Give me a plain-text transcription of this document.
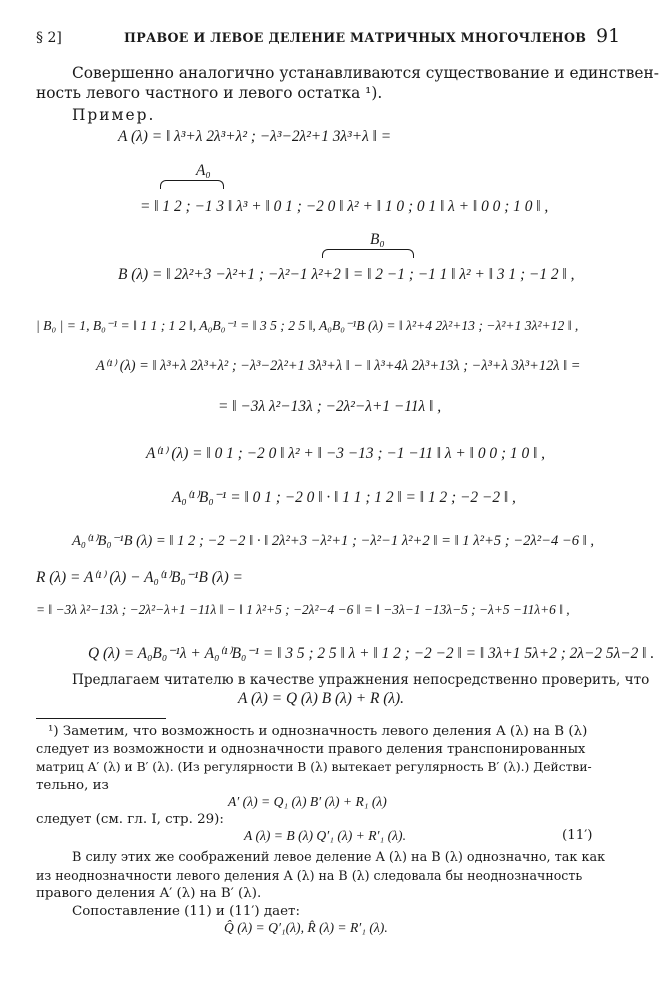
§ 2]	ПРАВОЕ И ЛЕВОЕ ДЕЛЕНИЕ МАТРИЧНЫХ МНОГОЧЛЕНОВ 91
Совершенно аналогично устанавливаются существование и единствен-
ность левого частного и левого остатка ¹).
Пример.
A (λ) = ‖ λ³+λ 2λ³+λ² ; −λ³−2λ²+1 3λ³+λ ‖ =
A₀
= ‖ 1 2 ; −1 3 ‖ λ³ + ‖ 0 1 ; −2 0 ‖ λ² + ‖ 1 0 ; 0 1 ‖ λ + ‖ 0 0 ; 1 0 ‖ ,
B₀
B (λ) = ‖ 2λ²+3 −λ²+1 ; −λ²−1 λ²+2 ‖ = ‖ 2 −1 ; −1 1 ‖ λ² + ‖ 3 1 ; −1 2 ‖ ,
| B₀ | = 1, B₀⁻¹ = ‖ 1 1 ; 1 2 ‖, A₀B₀⁻¹ = ‖ 3 5 ; 2 5 ‖, A₀B₀⁻¹B (λ) = ‖ λ²+4 2λ²+13 ; −λ²+1 3λ²+12 ‖ ,
A⁽¹⁾ (λ) = ‖ λ³+λ 2λ³+λ² ; −λ³−2λ²+1 3λ³+λ ‖ − ‖ λ³+4λ 2λ³+13λ ; −λ³+λ 3λ³+12λ ‖ =
= ‖ −3λ λ²−13λ ; −2λ²−λ+1 −11λ ‖ ,
A⁽¹⁾ (λ) = ‖ 0 1 ; −2 0 ‖ λ² + ‖ −3 −13 ; −1 −11 ‖ λ + ‖ 0 0 ; 1 0 ‖ ,
A₀⁽¹⁾B₀⁻¹ = ‖ 0 1 ; −2 0 ‖ · ‖ 1 1 ; 1 2 ‖ = ‖ 1 2 ; −2 −2 ‖ ,
A₀⁽¹⁾B₀⁻¹B (λ) = ‖ 1 2 ; −2 −2 ‖ · ‖ 2λ²+3 −λ²+1 ; −λ²−1 λ²+2 ‖ = ‖ 1 λ²+5 ; −2λ²−4 −6 ‖ ,
R (λ) = A⁽¹⁾ (λ) − A₀⁽¹⁾B₀⁻¹B (λ) =
= ‖ −3λ λ²−13λ ; −2λ²−λ+1 −11λ ‖ − ‖ 1 λ²+5 ; −2λ²−4 −6 ‖ = ‖ −3λ−1 −13λ−5 ; −λ+5 −11λ+6 ‖ ,
Q (λ) = A₀B₀⁻¹λ + A₀⁽¹⁾B₀⁻¹ = ‖ 3 5 ; 2 5 ‖ λ + ‖ 1 2 ; −2 −2 ‖ = ‖ 3λ+1 5λ+2 ; 2λ−2 5λ−2 ‖ .
Предлагаем читателю в качестве упражнения непосредственно проверить, что
A (λ) = Q (λ) B (λ) + R (λ).
¹) Заметим, что возможность и однозначность левого деления A (λ) на B (λ)
следует из возможности и однозначности правого деления транспонированных
матриц A′ (λ) и B′ (λ). (Из регулярности B (λ) вытекает регулярность B′ (λ).) Действи-
тельно, из
A′ (λ) = Q₁ (λ) B′ (λ) + R₁ (λ)
следует (см. гл. I, стр. 29):
A (λ) = B (λ) Q′₁ (λ) + R′₁ (λ).	(11′)
В силу этих же соображений левое деление A (λ) на B (λ) однозначно, так как
из неоднозначности левого деления A (λ) на B (λ) следовала бы неоднозначность
правого деления A′ (λ) на B′ (λ).
Сопоставление (11) и (11′) дает:
Q̂ (λ) = Q′₁(λ), R̂ (λ) = R′₁ (λ).
